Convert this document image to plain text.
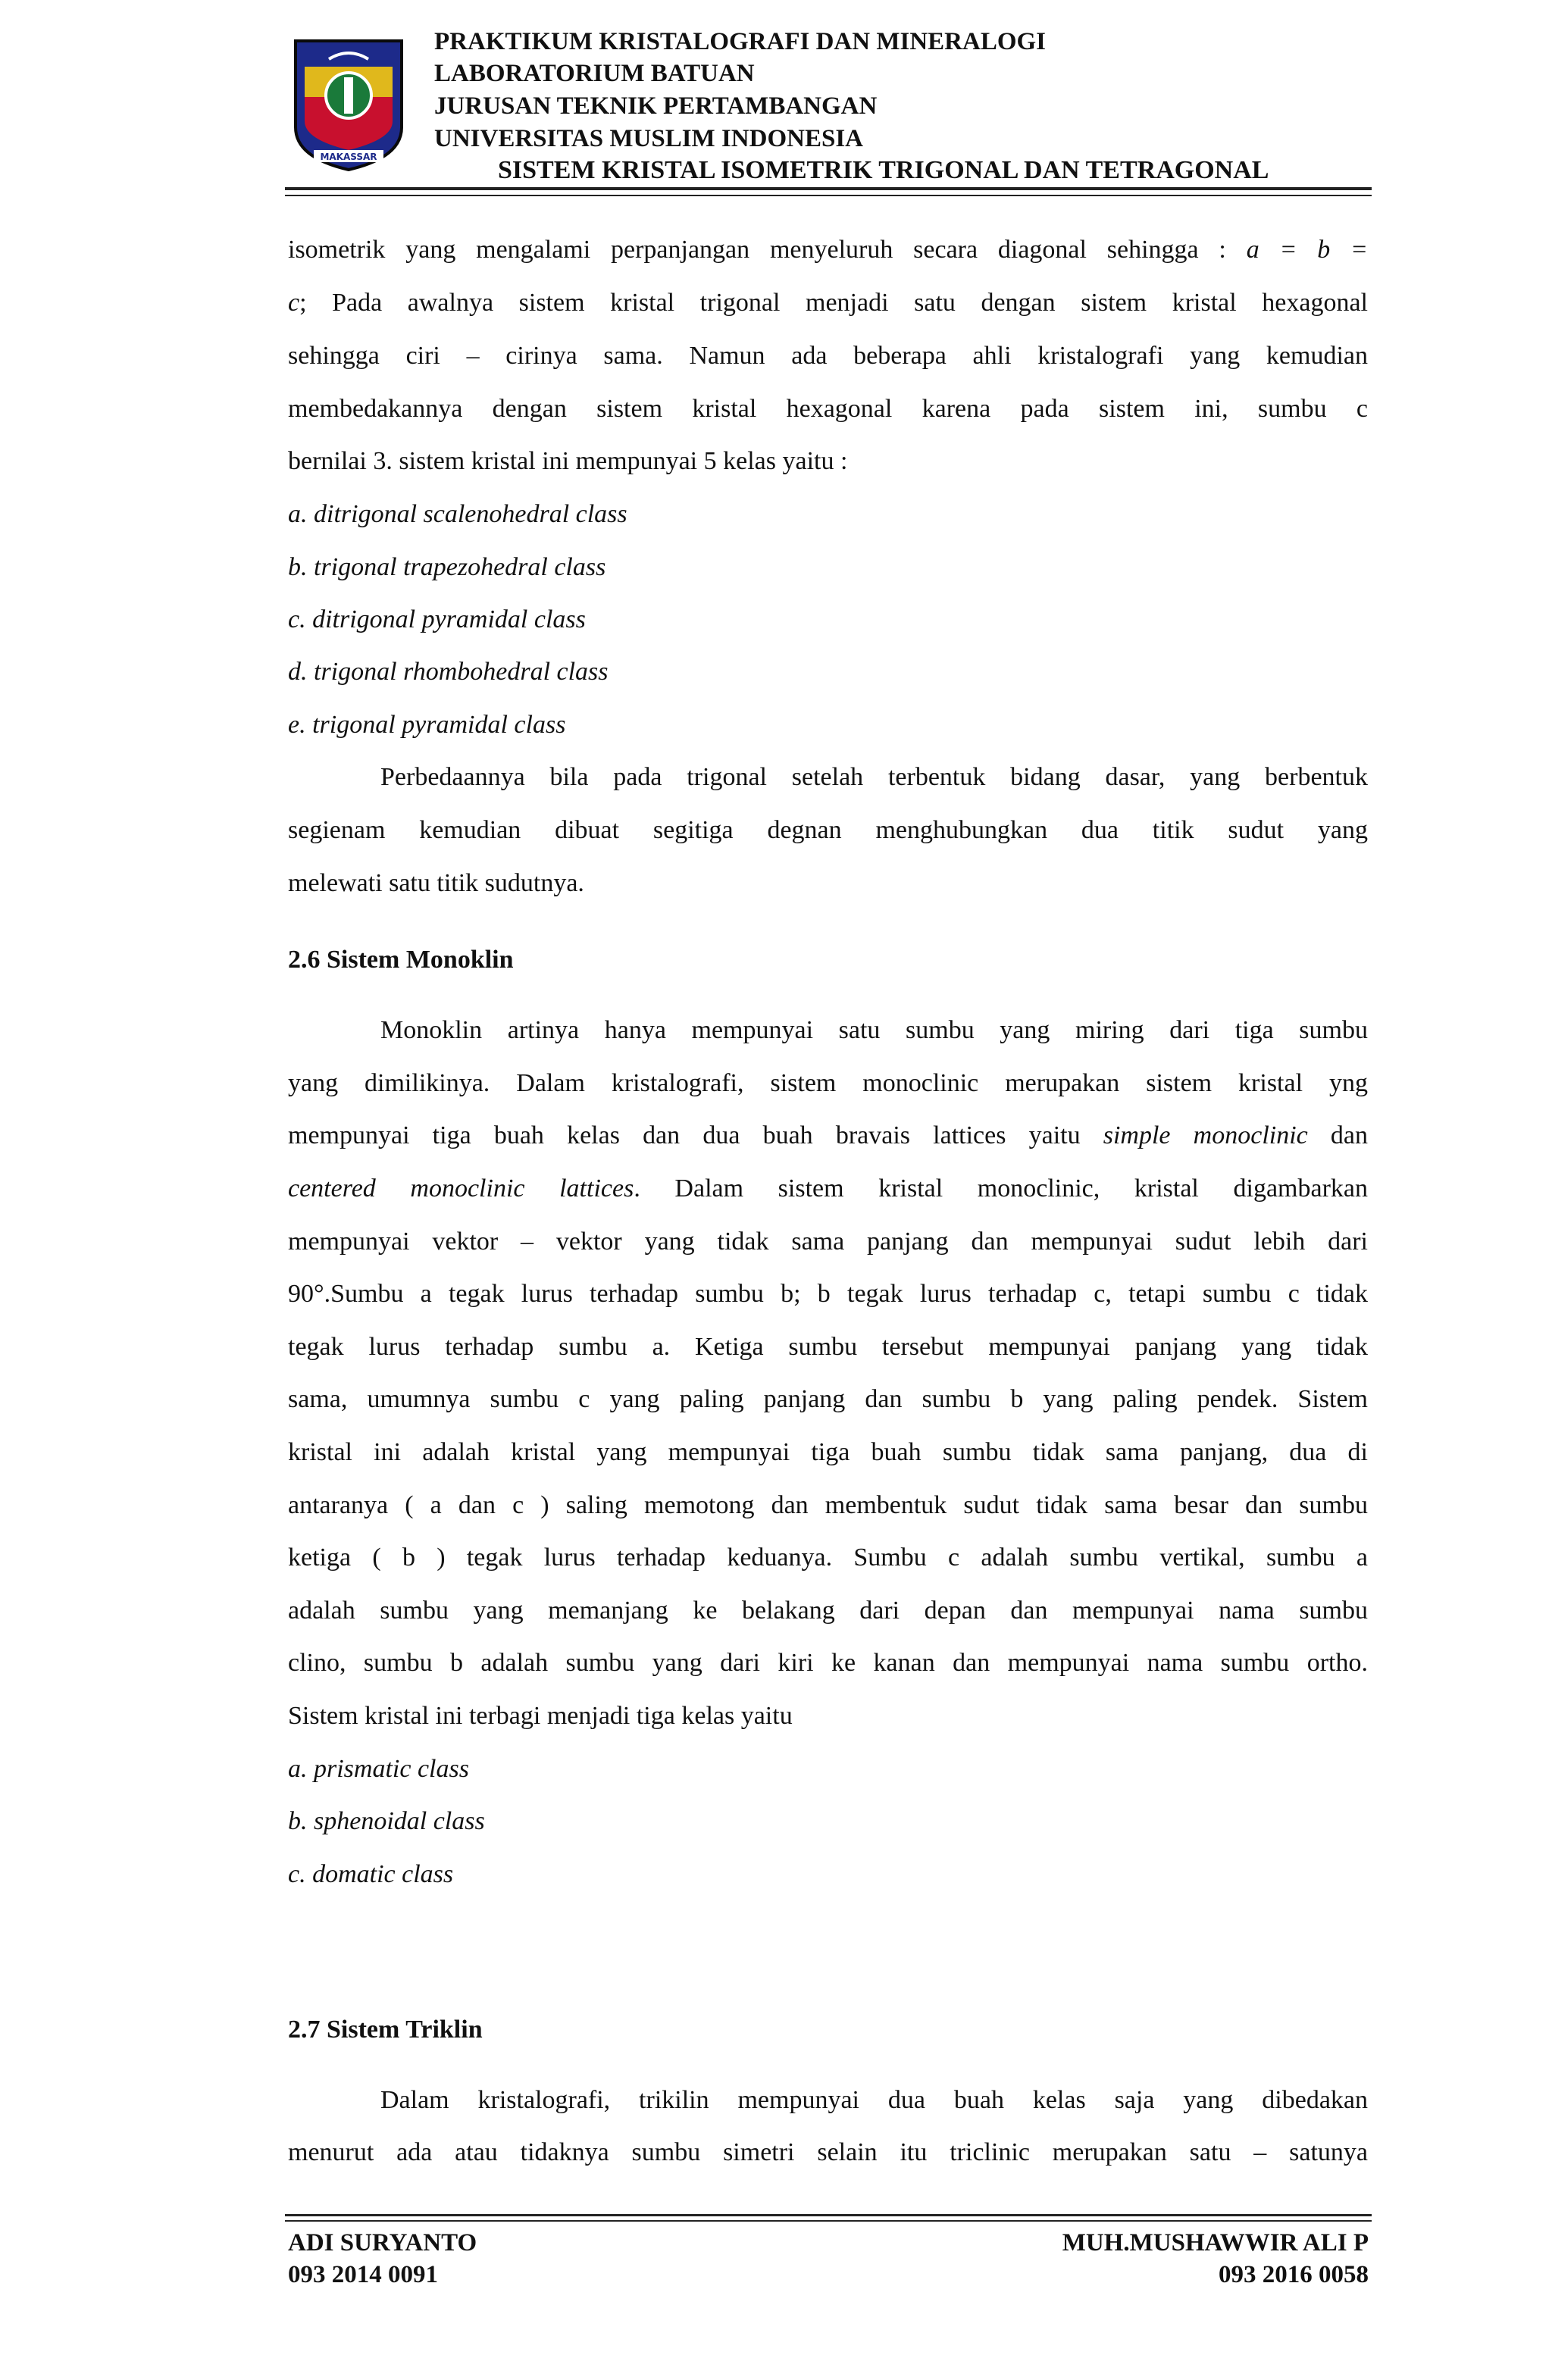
MAKASSAR
PRAKTIKUM KRISTALOGRAFI DAN MINERALOGI
LABORATORIUM BATUAN
JURUSAN TEKNIK PERTAMBANGAN
UNIVERSITAS MUSLIM INDONESIA
SISTEM KRISTAL ISOMETRIK TRIGONAL DAN TETRAGONAL
isometrik yang mengalami perpanjangan menyeluruh secara diagonal sehingga : a = b =
c; Pada awalnya sistem kristal trigonal menjadi satu dengan sistem kristal hexagonal
sehingga ciri – cirinya sama. Namun ada beberapa ahli kristalografi yang kemudian
membedakannya dengan sistem kristal hexagonal karena pada sistem ini, sumbu c
bernilai 3. sistem kristal ini mempunyai 5 kelas yaitu :
a. ditrigonal scalenohedral class
b. trigonal trapezohedral class
c. ditrigonal pyramidal class
d. trigonal rhombohedral class
e. trigonal pyramidal class
Perbedaannya bila pada trigonal setelah terbentuk bidang dasar, yang berbentuk
segienam kemudian dibuat segitiga degnan menghubungkan dua titik sudut yang
melewati satu titik sudutnya.
2.6 Sistem Monoklin
Monoklin artinya hanya mempunyai satu sumbu yang miring dari tiga sumbu
yang dimilikinya. Dalam kristalografi, sistem monoclinic merupakan sistem kristal yng
mempunyai tiga buah kelas dan dua buah bravais lattices yaitu simple monoclinic dan
centered monoclinic lattices. Dalam sistem kristal monoclinic, kristal digambarkan
mempunyai vektor – vektor yang tidak sama panjang dan mempunyai sudut lebih dari
90°.Sumbu a tegak lurus terhadap sumbu b; b tegak lurus terhadap c, tetapi sumbu c tidak
tegak lurus terhadap sumbu a. Ketiga sumbu tersebut mempunyai panjang yang tidak
sama, umumnya sumbu c yang paling panjang dan sumbu b yang paling pendek. Sistem
kristal ini adalah kristal yang mempunyai tiga buah sumbu tidak sama panjang, dua di
antaranya ( a dan c ) saling memotong dan membentuk sudut tidak sama besar dan sumbu
ketiga ( b ) tegak lurus terhadap keduanya. Sumbu c adalah sumbu vertikal, sumbu a
adalah sumbu yang memanjang ke belakang dari depan dan mempunyai nama sumbu
clino, sumbu b adalah sumbu yang dari kiri ke kanan dan mempunyai nama sumbu ortho.
Sistem kristal ini terbagi menjadi tiga kelas yaitu
a. prismatic class
b. sphenoidal class
c. domatic class
2.7 Sistem Triklin
Dalam kristalografi, trikilin mempunyai dua buah kelas saja yang dibedakan
menurut ada atau tidaknya sumbu simetri selain itu triclinic merupakan satu – satunya
ADI SURYANTO
093 2014 0091
MUH.MUSHAWWIR ALI P
093 2016 0058
